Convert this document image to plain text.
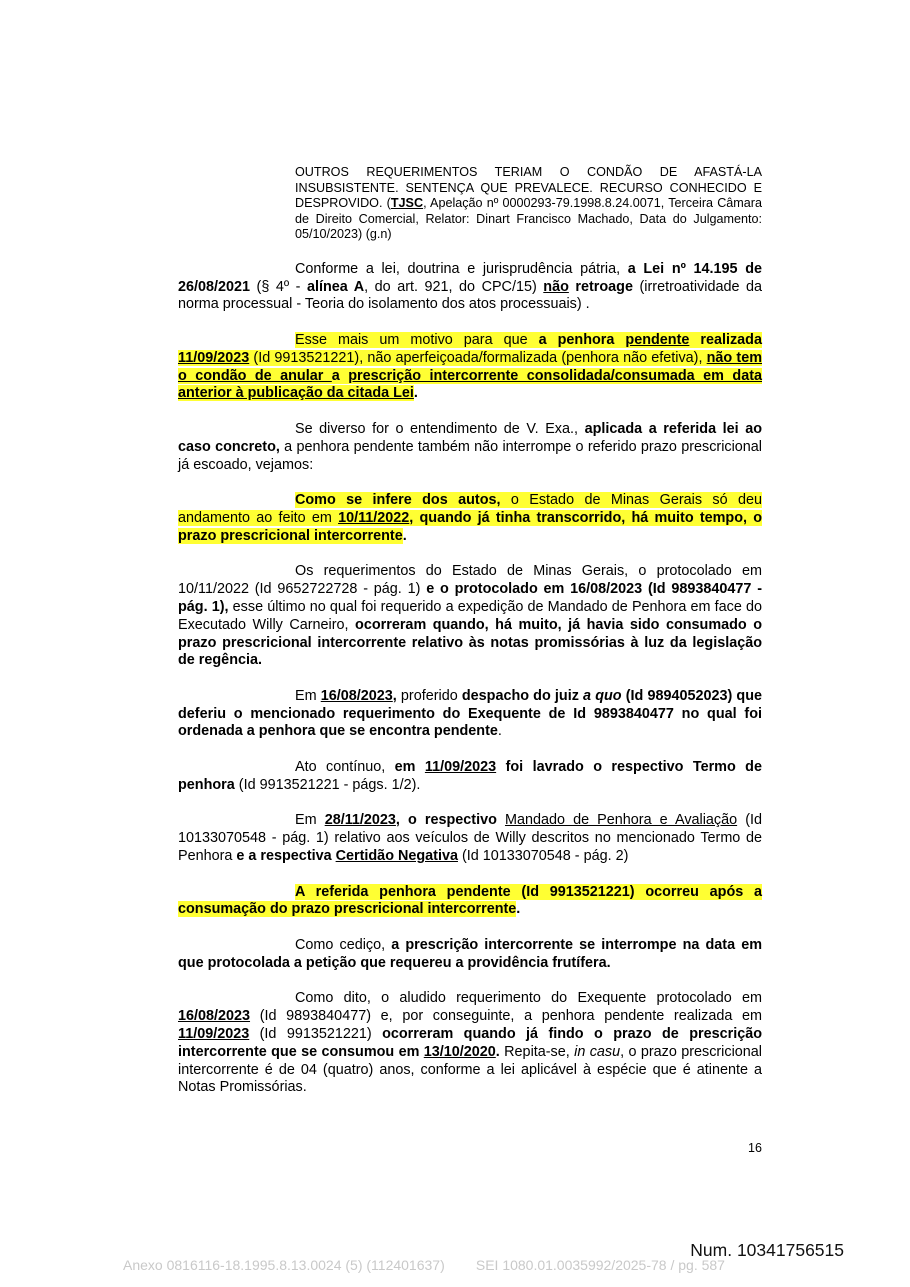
OUTROS REQUERIMENTOS TERIAM O CONDÃO DE AFASTÁ-LA INSUBSISTENTE. SENTENÇA QUE PREVALECE. RECURSO CONHECIDO E DESPROVIDO. (TJSC, Apelação nº 0000293-79.1998.8.24.0071, Terceira Câmara de Direito Comercial, Relator: Dinart Francisco Machado, Data do Julgamento: 05/10/2023) (g.n)

Conforme a lei, doutrina e jurisprudência pátria, a Lei nº 14.195 de 26/08/2021 (§ 4º - alínea A, do art. 921, do CPC/15) não retroage (irretroatividade da norma processual - Teoria do isolamento dos atos processuais) .

Esse mais um motivo para que a penhora pendente realizada 11/09/2023 (Id 9913521221), não aperfeiçoada/formalizada (penhora não efetiva), não tem o condão de anular a prescrição intercorrente consolidada/consumada em data anterior à publicação da citada Lei.

Se diverso for o entendimento de V. Exa., aplicada a referida lei ao caso concreto, a penhora pendente também não interrompe o referido prazo prescricional já escoado, vejamos:

Como se infere dos autos, o Estado de Minas Gerais só deu andamento ao feito em 10/11/2022, quando já tinha transcorrido, há muito tempo, o prazo prescricional intercorrente.

Os requerimentos do Estado de Minas Gerais, o protocolado em 10/11/2022 (Id 9652722728 - pág. 1) e o protocolado em 16/08/2023 (Id 9893840477 - pág. 1), esse último no qual foi requerido a expedição de Mandado de Penhora em face do Executado Willy Carneiro, ocorreram quando, há muito, já havia sido consumado o prazo prescricional intercorrente relativo às notas promissórias à luz da legislação de regência.

Em 16/08/2023, proferido despacho do juiz a quo (Id 9894052023) que deferiu o mencionado requerimento do Exequente de Id 9893840477 no qual foi ordenada a penhora que se encontra pendente.

Ato contínuo, em 11/09/2023 foi lavrado o respectivo Termo de penhora (Id 9913521221 - págs. 1/2).

Em 28/11/2023, o respectivo Mandado de Penhora e Avaliação (Id 10133070548 - pág. 1) relativo aos veículos de Willy descritos no mencionado Termo de Penhora e a respectiva Certidão Negativa (Id 10133070548 - pág. 2)

A referida penhora pendente (Id 9913521221) ocorreu após a consumação do prazo prescricional intercorrente.

Como cediço, a prescrição intercorrente se interrompe na data em que protocolada a petição que requereu a providência frutífera.

Como dito, o aludido requerimento do Exequente protocolado em 16/08/2023 (Id 9893840477) e, por conseguinte, a penhora pendente realizada em 11/09/2023 (Id 9913521221) ocorreram quando já findo o prazo de prescrição intercorrente que se consumou em 13/10/2020. Repita-se, in casu, o prazo prescricional intercorrente é de 04 (quatro) anos, conforme a lei aplicável à espécie que é atinente a Notas Promissórias.

16
Num. 10341756515
Anexo 0816116-18.1995.8.13.0024 (5) (112401637)        SEI 1080.01.0035992/2025-78 / pg. 587
